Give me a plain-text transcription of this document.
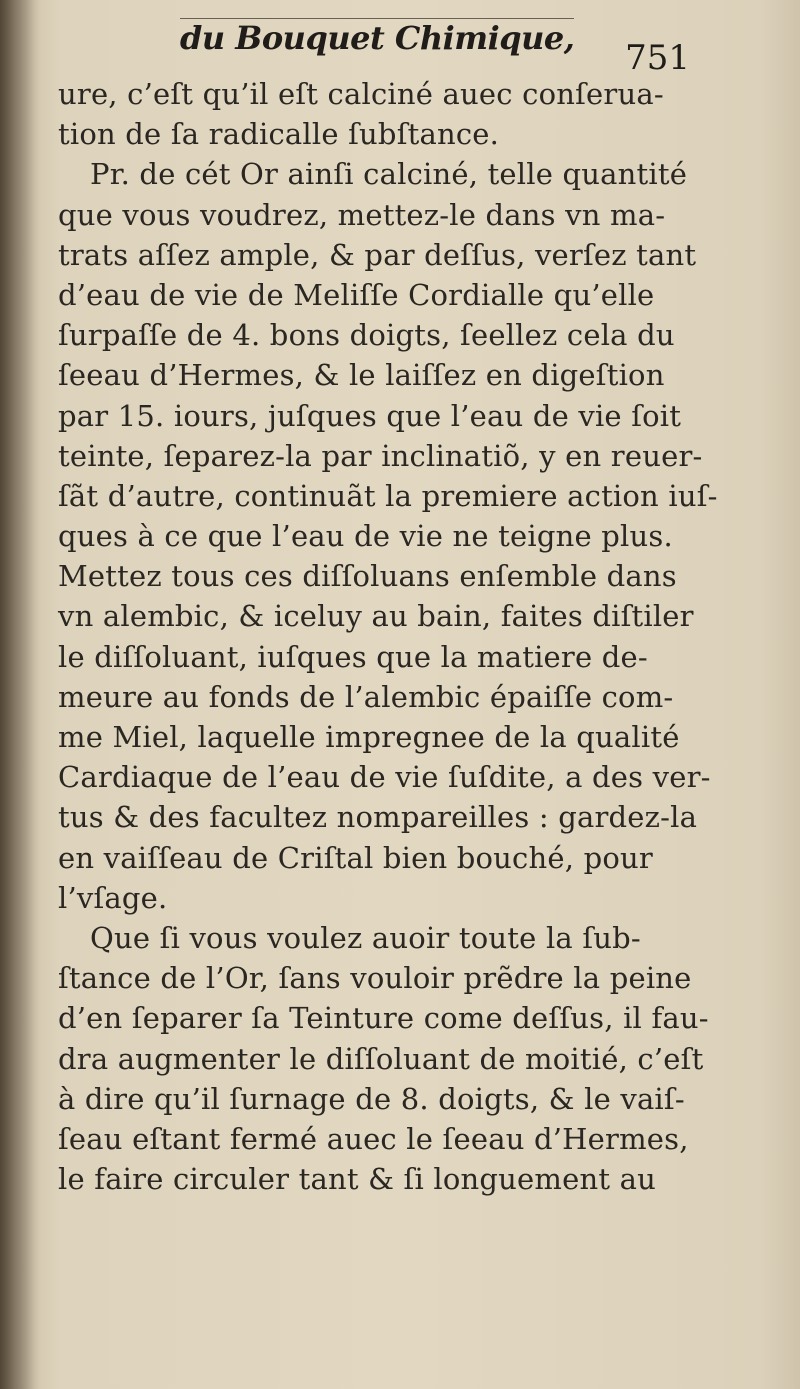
du Bouquet Chimique, 751
ure, c’eſt qu’il eſt calciné auec conſerua-
tion de ſa radicalle ſubſtance.
Pr. de cét Or ainſi calciné, telle quantité
que vous voudrez, mettez-le dans vn ma-
trats aſſez ample, & par deſſus, verſez tant
d’eau de vie de Meliſſe Cordialle qu’elle
ſurpaſſe de 4. bons doigts, ſeellez cela du
ſeeau d’Hermes, & le laiſſez en digeſtion
par 15. iours, juſques que l’eau de vie ſoit
teinte, ſeparez-la par inclinatiõ, y en reuer-
ſãt d’autre, continuãt la premiere action iuſ-
ques à ce que l’eau de vie ne teigne plus.
Mettez tous ces diſſoluans enſemble dans
vn alembic, & iceluy au bain, faites diſtiler
le diſſoluant, iuſques que la matiere de-
meure au fonds de l’alembic épaiſſe com-
me Miel, laquelle impregnee de la qualité
Cardiaque de l’eau de vie ſuſdite, a des ver-
tus & des facultez nompareilles : gardez-la
en vaiſſeau de Criſtal bien bouché, pour
l’vſage.
Que ſi vous voulez auoir toute la ſub-
ſtance de l’Or, ſans vouloir prẽdre la peine
d’en ſeparer ſa Teinture come deſſus, il fau-
dra augmenter le diſſoluant de moitié, c’eſt
à dire qu’il ſurnage de 8. doigts, & le vaiſ-
ſeau eſtant fermé auec le ſeeau d’Hermes,
le faire circuler tant & ſi longuement au
